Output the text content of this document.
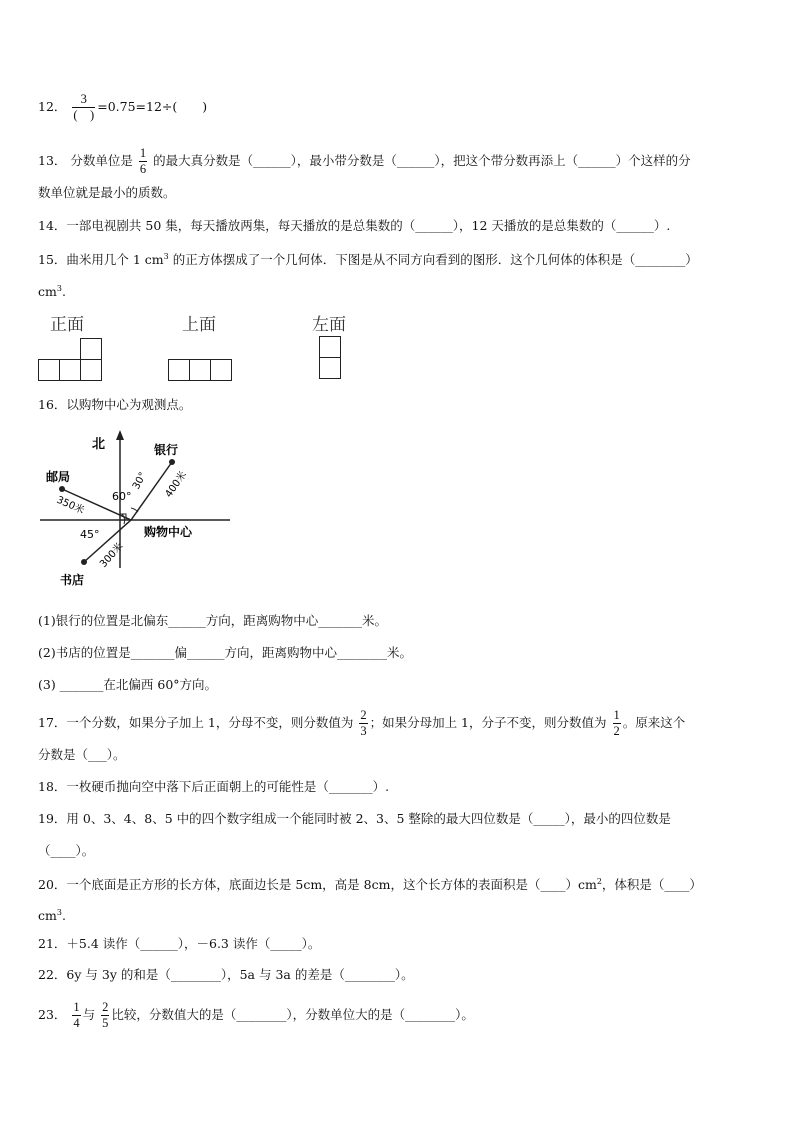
12． $\frac{3}{( )} =0.75=12\div$(　　)
13． 分数单位是 $\frac{1}{6}$ 的最大真分数是（______），最小带分数是（______），把这个带分数再添上（______）个这样的分
数单位就是最小的质数。
14．一部电视剧共 50 集，每天播放两集，每天播放的是总集数的（______），12 天播放的是总集数的（______）.
15．曲米用几个 1 $cm^3$ 的正方体摆成了一个几何体．下图是从不同方向看到的图形．这个几何体的体积是（________）
$cm^3$.
正面	上面	左面
16．以购物中心为观测点。
北	银行
邮局
书店
购物中心
30°
60°
45°
400米
350米
300米
(1)银行的位置是北偏东______方向，距离购物中心_______米。
(2)书店的位置是_______偏______方向，距离购物中心________米。
(3) _______在北偏西 60°方向。
17．一个分数，如果分子加上 1，分母不变，则分数值为 $\frac{2}{3}$ ；如果分母加上 1，分子不变，则分数值为 $\frac{1}{2}$ 。原来这个
分数是（___）。
18．一枚硬币抛向空中落下后正面朝上的可能性是（_______）.
19．用 0、3、4、8、5 中的四个数字组成一个能同时被 2、3、5 整除的最大四位数是（_____），最小的四位数是
（____）。
20．一个底面是正方形的长方体，底面边长是 5cm，高是 8cm，这个长方体的表面积是$(\_\_\_\_)cm^2$，体积是（____）
$cm^3$.
21．＋5.4 读作（______），－6.3 读作（_____）。
22．6y 与 3y 的和是（________），5a 与 3a 的差是（________）。
23． $\frac{1}{4}$ 与 $\frac{2}{5}$ 比较，分数值大的是（________），分数单位大的是（________）。
